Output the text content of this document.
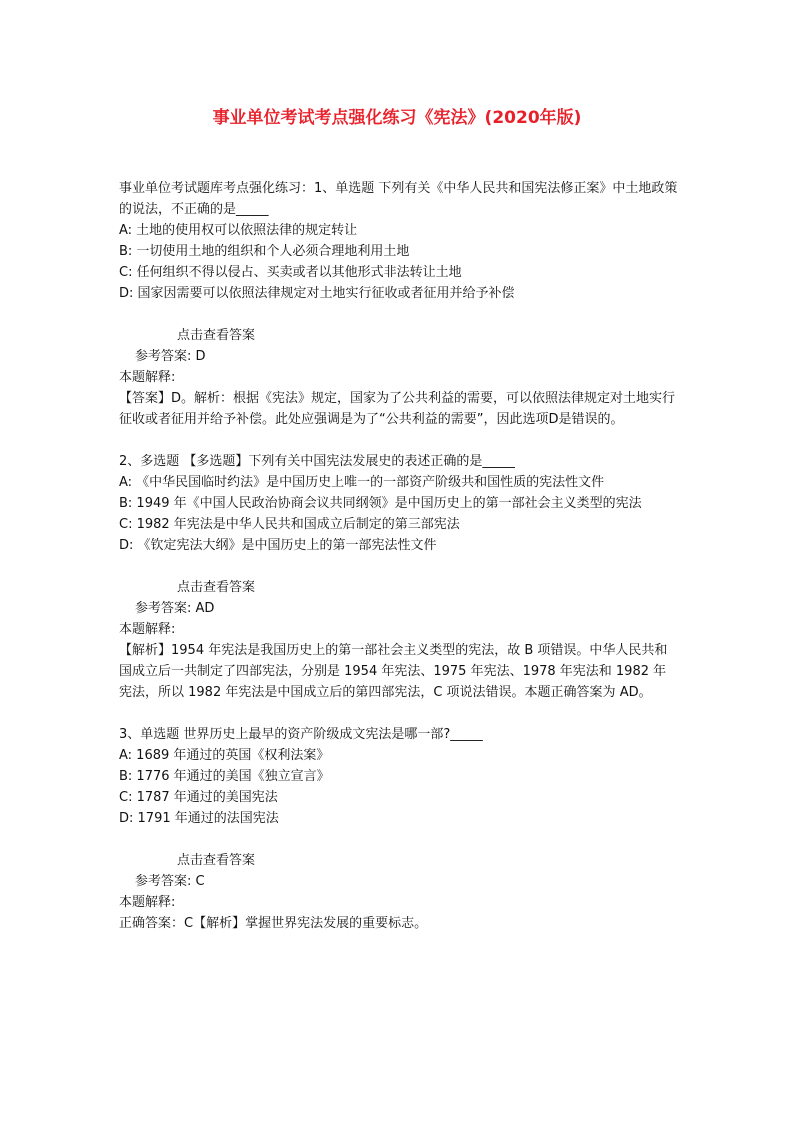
事业单位考试考点强化练习《宪法》(2020年版)
事业单位考试题库考点强化练习：1、单选题 下列有关《中华人民共和国宪法修正案》中土地政策的说法，不正确的是_____
A: 土地的使用权可以依照法律的规定转让
B: 一切使用土地的组织和个人必须合理地利用土地
C: 任何组织不得以侵占、买卖或者以其他形式非法转让土地
D: 国家因需要可以依照法律规定对土地实行征收或者征用并给予补偿
点击查看答案
参考答案: D
本题解释:
【答案】D。解析：根据《宪法》规定，国家为了公共利益的需要，可以依照法律规定对土地实行征收或者征用并给予补偿。此处应强调是为了“公共利益的需要”，因此选项D是错误的。
2、多选题 【多选题】下列有关中国宪法发展史的表述正确的是_____
A: 《中华民国临时约法》是中国历史上唯一的一部资产阶级共和国性质的宪法性文件
B: 1949 年《中国人民政治协商会议共同纲领》是中国历史上的第一部社会主义类型的宪法
C: 1982 年宪法是中华人民共和国成立后制定的第三部宪法
D: 《钦定宪法大纲》是中国历史上的第一部宪法性文件
点击查看答案
参考答案: AD
本题解释:
【解析】1954 年宪法是我国历史上的第一部社会主义类型的宪法，故 B 项错误。中华人民共和国成立后一共制定了四部宪法，分别是 1954 年宪法、1975 年宪法、1978 年宪法和 1982 年宪法，所以 1982 年宪法是中国成立后的第四部宪法，C 项说法错误。本题正确答案为 AD。
3、单选题 世界历史上最早的资产阶级成文宪法是哪一部?_____
A: 1689 年通过的英国《权利法案》
B: 1776 年通过的美国《独立宣言》
C: 1787 年通过的美国宪法
D: 1791 年通过的法国宪法
点击查看答案
参考答案: C
本题解释:
正确答案：C【解析】掌握世界宪法发展的重要标志。
